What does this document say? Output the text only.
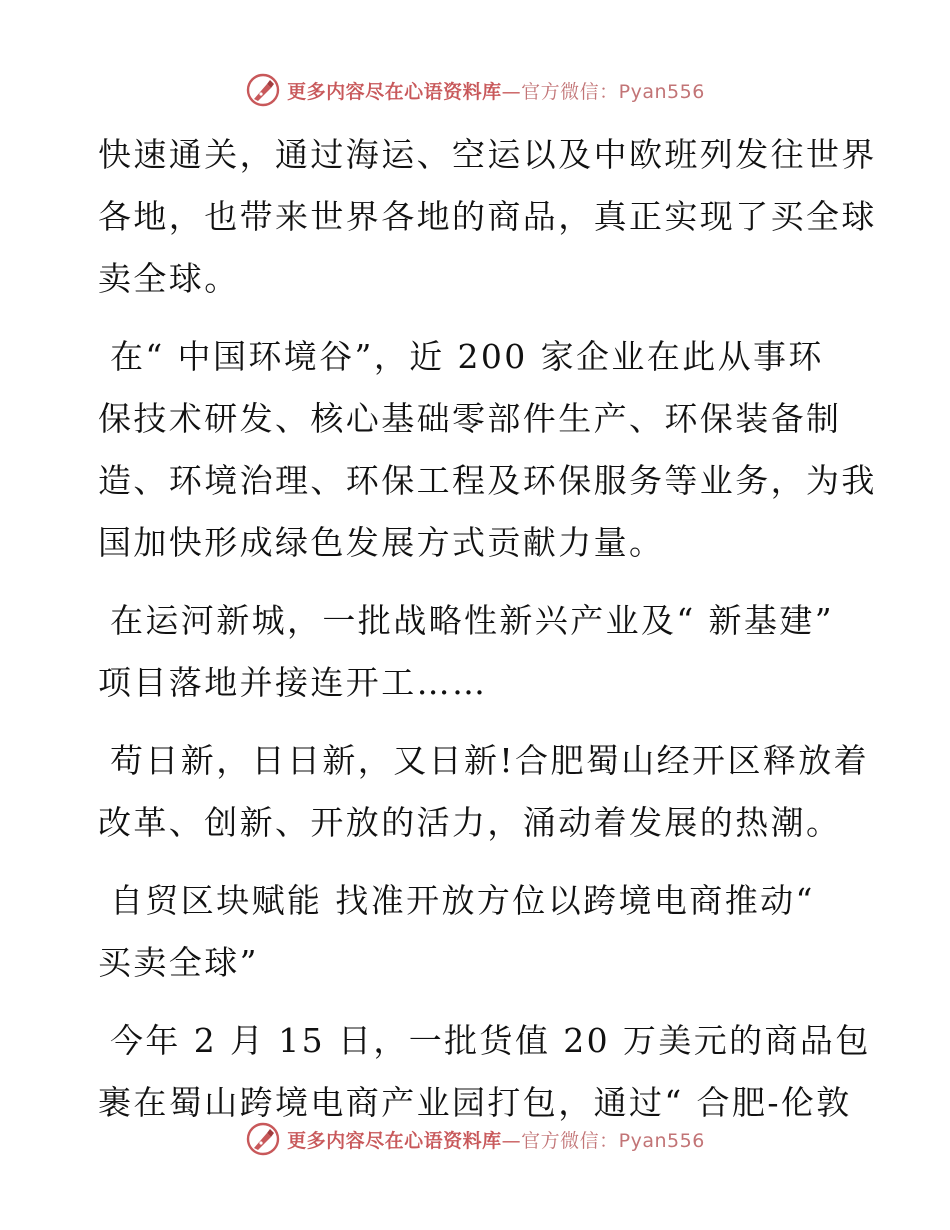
更多内容尽在心语资料库—官方微信：Pyan556

快速通关，通过海运、空运以及中欧班列发往世界
各地，也带来世界各地的商品，真正实现了买全球
卖全球。

在“ 中国环境谷”，近 200 家企业在此从事环
保技术研发、核心基础零部件生产、环保装备制
造、环境治理、环保工程及环保服务等业务，为我
国加快形成绿色发展方式贡献力量。

在运河新城，一批战略性新兴产业及“ 新基建”
项目落地并接连开工……

苟日新，日日新，又日新!合肥蜀山经开区释放着
改革、创新、开放的活力，涌动着发展的热潮。

自贸区块赋能 找准开放方位以跨境电商推动“
买卖全球”

今年 2 月 15 日，一批货值 20 万美元的商品包
裹在蜀山跨境电商产业园打包，通过“ 合肥-伦敦

更多内容尽在心语资料库—官方微信：Pyan556
